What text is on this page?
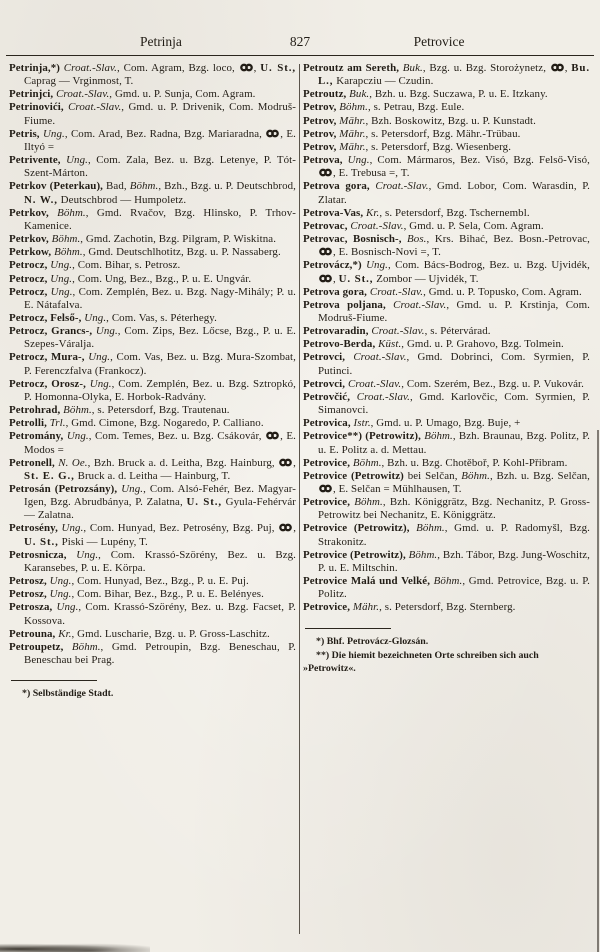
Petrinja	827	Petrovice

Petrinja,*) Croat.-Slav., Com. Agram, Bzg. loco, , U. St., Caprag — Vrginmost, T.

Petrinjci, Croat.-Slav., Gmd. u. P. Sunja, Com. Agram.

Petrinovići, Croat.-Slav., Gmd. u. P. Drivenik, Com. Modruš-Fiume.

Petris, Ung., Com. Arad, Bez. Radna, Bzg. Mariaradna, , E. Iltyó =

Petrivente, Ung., Com. Zala, Bez. u. Bzg. Letenye, P. Tót-Szent-Márton.

Petrkov (Peterkau), Bad, Böhm., Bzh., Bzg. u. P. Deutschbrod, N. W., Deutschbrod — Humpoletz.

Petrkov, Böhm., Gmd. Rvačov, Bzg. Hlinsko, P. Trhov-Kamenice.

Petrkov, Böhm., Gmd. Zachotin, Bzg. Pilgram, P. Wiskitna.

Petrkow, Böhm., Gmd. Deutschlhotitz, Bzg. u. P. Nassaberg.

Petrocz, Ung., Com. Bihar, s. Petrosz.

Petrocz, Ung., Com. Ung, Bez., Bzg., P. u. E. Ungvár.

Petrocz, Ung., Com. Zemplén, Bez. u. Bzg. Nagy-Mihály; P. u. E. Nátafalva.

Petrocz, Felső-, Ung., Com. Vas, s. Péterhegy.

Petrocz, Grancs-, Ung., Com. Zips, Bez. Lőcse, Bzg., P. u. E. Szepes-Váralja.

Petrocz, Mura-, Ung., Com. Vas, Bez. u. Bzg. Mura-Szombat, P. Ferenczfalva (Frankocz).

Petrocz, Orosz-, Ung., Com. Zemplén, Bez. u. Bzg. Sztropkó, P. Homonna-Olyka, E. Horbok-Radvány.

Petrohrad, Böhm., s. Petersdorf, Bzg. Trautenau.

Petrolli, Trl., Gmd. Cimone, Bzg. Nogaredo, P. Calliano.

Petromány, Ung., Com. Temes, Bez. u. Bzg. Csákovár, , E. Modos =

Petronell, N. Oe., Bzh. Bruck a. d. Leitha, Bzg. Hainburg, , St. E. G., Bruck a. d. Leitha — Hainburg, T.

Petrosán (Petrozsány), Ung., Com. Alsó-Fehér, Bez. Magyar-Igen, Bzg. Abrudbánya, P. Zalatna, U. St., Gyula-Fehérvár — Zalatna.

Petrosény, Ung., Com. Hunyad, Bez. Petrosény, Bzg. Puj, , U. St., Piski — Lupény, T.

Petrosnicza, Ung., Com. Krassó-Szörény, Bez. u. Bzg. Karansebes, P. u. E. Körpa.

Petrosz, Ung., Com. Hunyad, Bez., Bzg., P. u. E. Puj.

Petrosz, Ung., Com. Bihar, Bez., Bzg., P. u. E. Belényes.

Petrosza, Ung., Com. Krassó-Szörény, Bez. u. Bzg. Facset, P. Kossova.

Petrouna, Kr., Gmd. Luscharie, Bzg. u. P. Gross-Laschitz.

Petroupetz, Böhm., Gmd. Petroupin, Bzg. Beneschau, P. Beneschau bei Prag.

*) Selbständige Stadt.

Petroutz am Sereth, Buk., Bzg. u. Bzg. Storożynetz, , Bu. L., Karapcziu — Czudin.

Petroutz, Buk., Bzh. u. Bzg. Suczawa, P. u. E. Itzkany.

Petrov, Böhm., s. Petrau, Bzg. Eule.

Petrov, Mähr., Bzh. Boskowitz, Bzg. u. P. Kunstadt.

Petrov, Mähr., s. Petersdorf, Bzg. Mähr.-Trübau.

Petrov, Mähr., s. Petersdorf, Bzg. Wiesenberg.

Petrova, Ung., Com. Mármaros, Bez. Visó, Bzg. Felső-Visó, , E. Trebusa =, T.

Petrova gora, Croat.-Slav., Gmd. Lobor, Com. Warasdin, P. Zlatar.

Petrova-Vas, Kr., s. Petersdorf, Bzg. Tschernembl.

Petrovac, Croat.-Slav., Gmd. u. P. Sela, Com. Agram.

Petrovac, Bosnisch-, Bos., Krs. Bihać, Bez. Bosn.-Petrovac, , E. Bosnisch-Novi =, T.

Petrovácz,*) Ung., Com. Bács-Bodrog, Bez. u. Bzg. Ujvidék, , U. St., Zombor — Ujvidék, T.

Petrova gora, Croat.-Slav., Gmd. u. P. Topusko, Com. Agram.

Petrova poljana, Croat.-Slav., Gmd. u. P. Krstinja, Com. Modruš-Fiume.

Petrovaradin, Croat.-Slav., s. Pétervárad.

Petrovo-Berda, Küst., Gmd. u. P. Grahovo, Bzg. Tolmein.

Petrovci, Croat.-Slav., Gmd. Dobrinci, Com. Syrmien, P. Putinci.

Petrovci, Croat.-Slav., Com. Szerém, Bez., Bzg. u. P. Vukovár.

Petrovčić, Croat.-Slav., Gmd. Karlovčic, Com. Syrmien, P. Simanovci.

Petrovica, Istr., Gmd. u. P. Umago, Bzg. Buje, +

Petrovice**) (Petrowitz), Böhm., Bzh. Braunau, Bzg. Politz, P. u. E. Politz a. d. Mettau.

Petrovice, Böhm., Bzh. u. Bzg. Chotěboř, P. Kohl-Přibram.

Petrovice (Petrowitz) bei Selčan, Böhm., Bzh. u. Bzg. Selčan, , E. Selčan = Mühlhausen, T.

Petrovice, Böhm., Bzh. Königgrätz, Bzg. Nechanitz, P. Gross-Petrowitz bei Nechanitz, E. Königgrätz.

Petrovice (Petrowitz), Böhm., Gmd. u. P. Radomyšl, Bzg. Strakonitz.

Petrovice (Petrowitz), Böhm., Bzh. Tábor, Bzg. Jung-Woschitz, P. u. E. Miltschin.

Petrovice Malá und Velké, Böhm., Gmd. Petrovice, Bzg. u. P. Politz.

Petrovice, Mähr., s. Petersdorf, Bzg. Sternberg.

*) Bhf. Petrovácz-Glozsán.

**) Die hiemit bezeichneten Orte schreiben sich auch »Petrowitz«.
